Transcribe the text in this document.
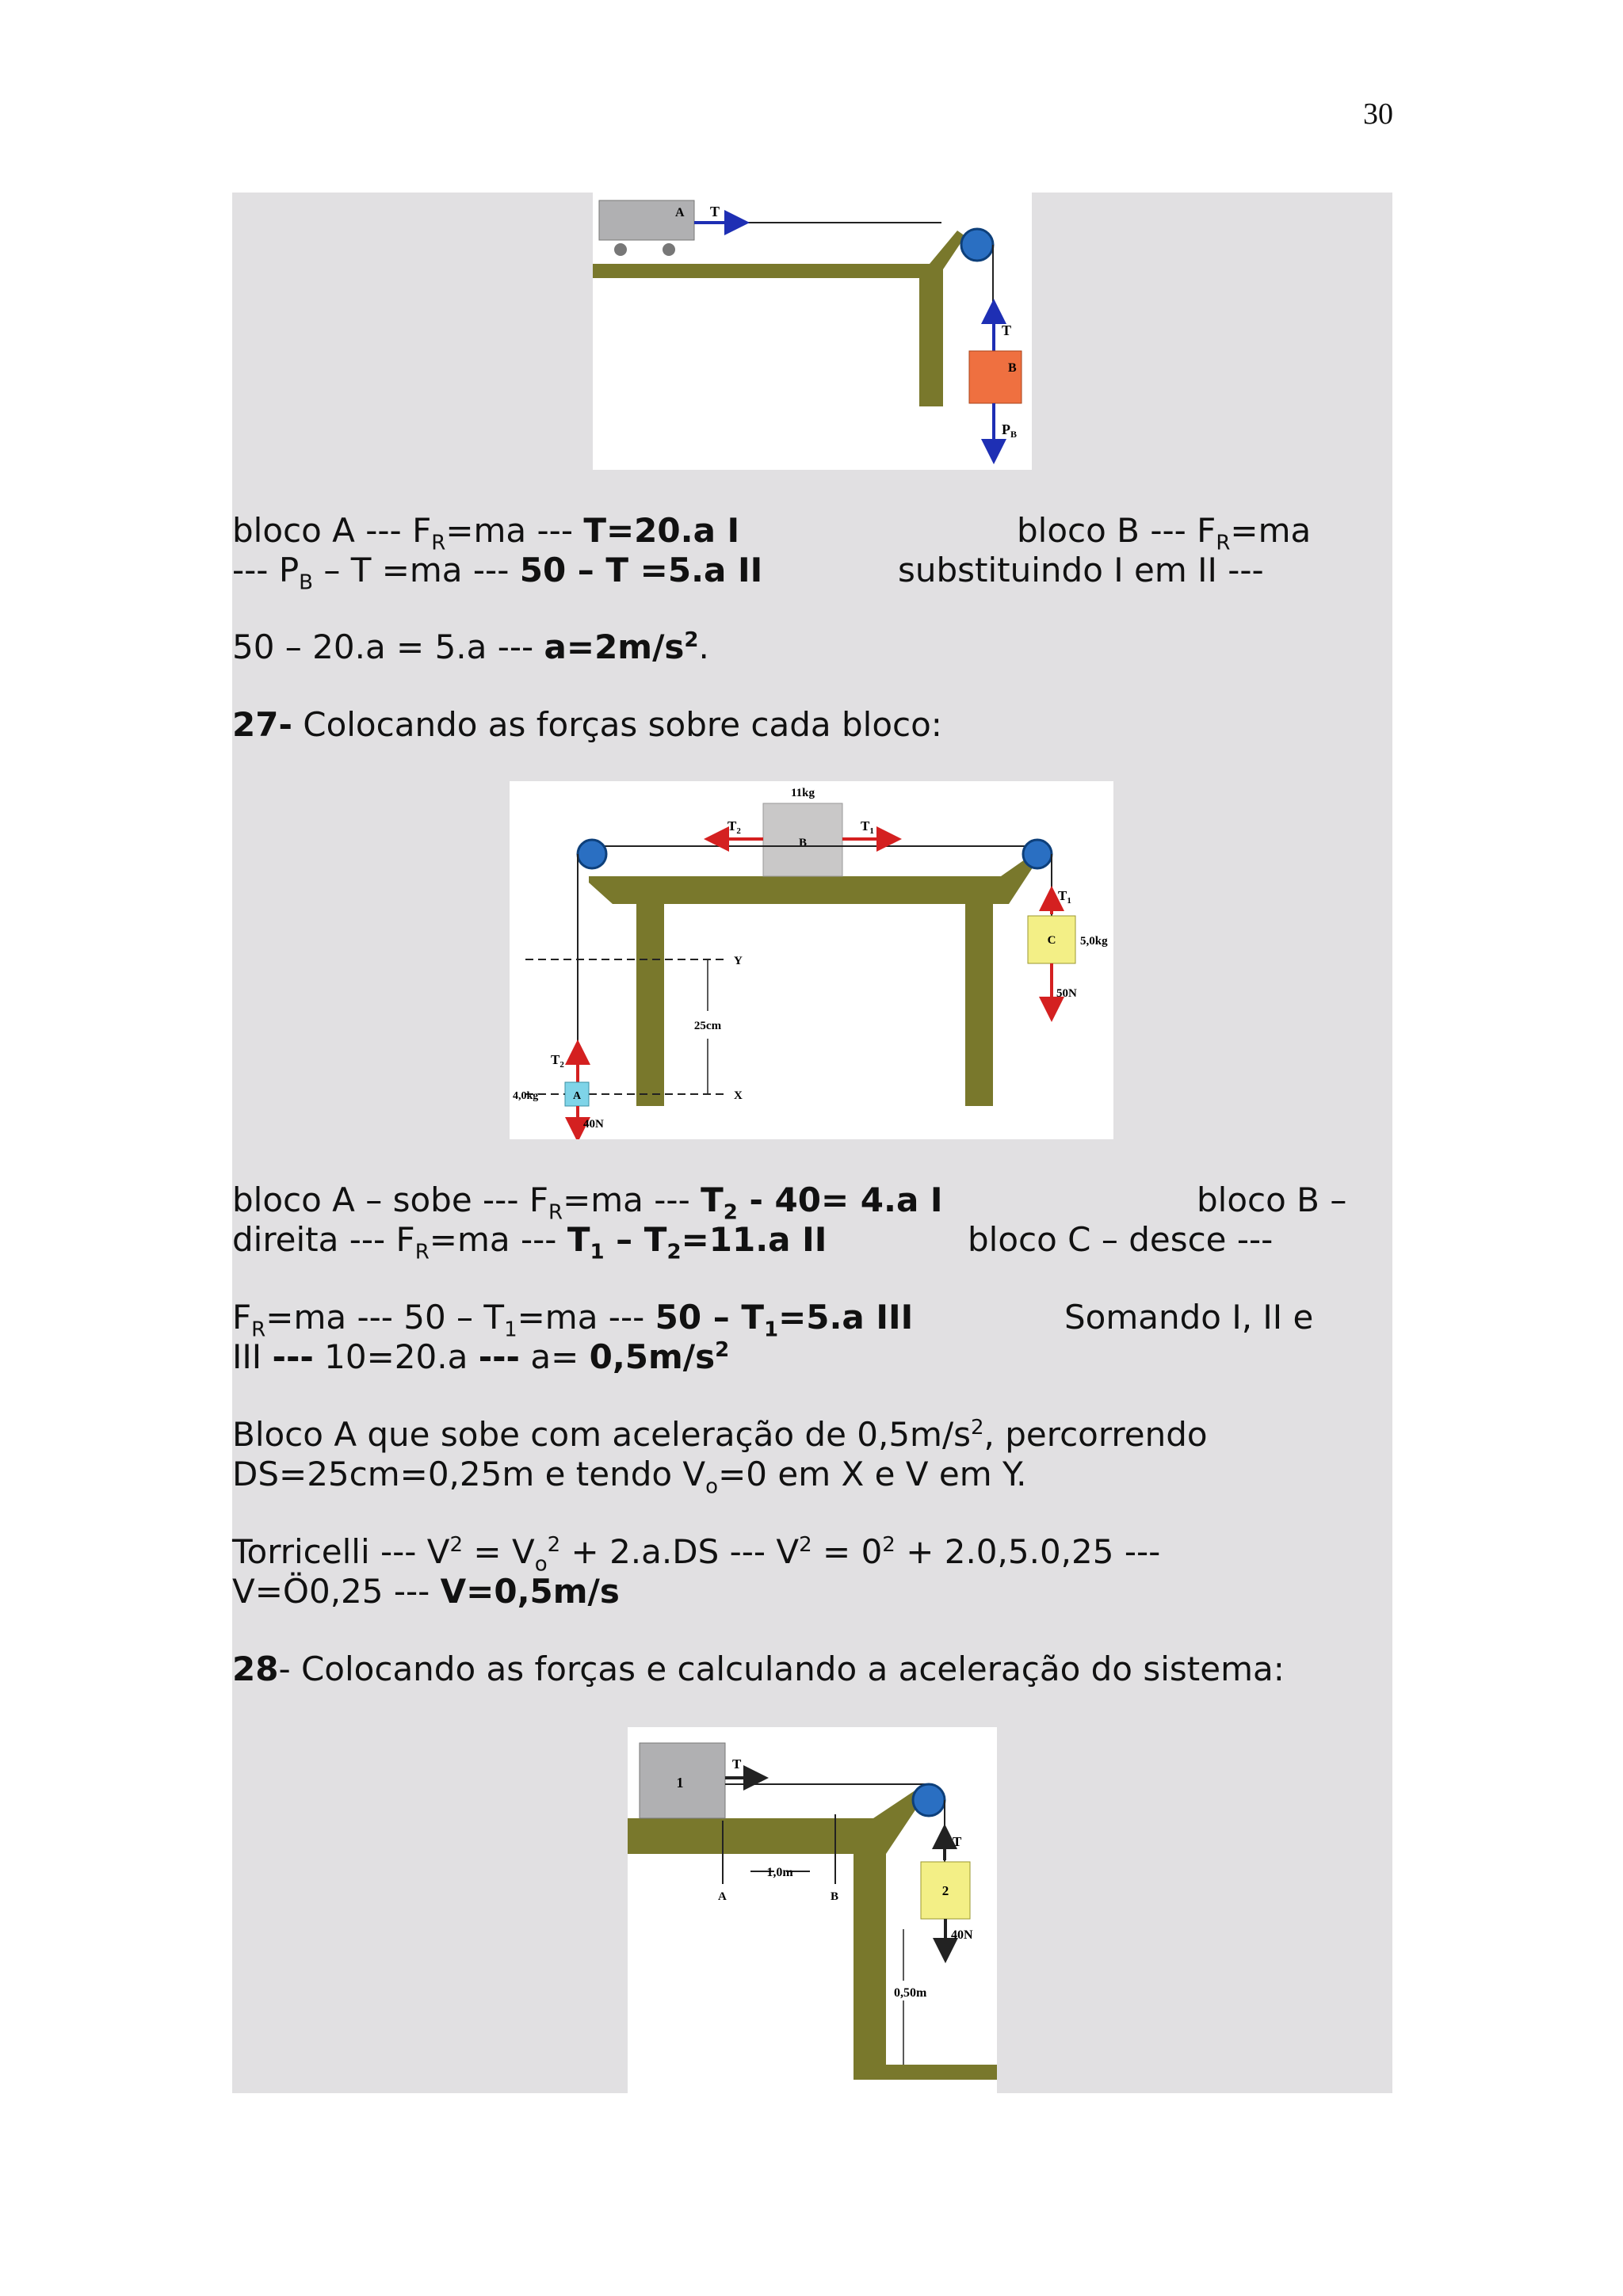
30
A T
T
B
$P_B$
bloco A --- $F_R=ma$ --- T=20.a I	bloco B --- $F_R=ma$
--- $P_B - T =ma$ --- 50 – T =5.a II	substituindo I em II ---
50 – 20.a = 5.a --- $a=2m/s^2$.
27- Colocando as forças sobre cada bloco:
11kg
B
$T_2$	$T_1$
$T_1$
C 5,0kg
50N
Y
X
25cm
$T_2$
A
4,0kg
40N
bloco A – sobe --- $F_R=ma$ --- $T_2 - 40= 4.a$ I	bloco B –
direita --- $F_R=ma$ --- $T_1 - T_2=11.a$ II	bloco C – desce ---
$F_R=ma$ --- $50 - T_1=ma$ --- $50 - T_1=5.a$ III	Somando I, II e
III --- 10=20.a --- $a= 0,5m/s^2$
Bloco A que sobe com aceleração de $0,5m/s^2$, percorrendo
DS=25cm=0,25m e tendo $V_o=0$ em X e V em Y.
Torricelli --- $V^2 = V_o^2 + 2.a.DS$ --- $V^2 = 0^2 + 2.0,5.0,25$ ---
V=Ö0,25 --- V=0,5m/s
28- Colocando as forças e calculando a aceleração do sistema:
1
T
T
2
40N
1,0m
A	B
0,50m
